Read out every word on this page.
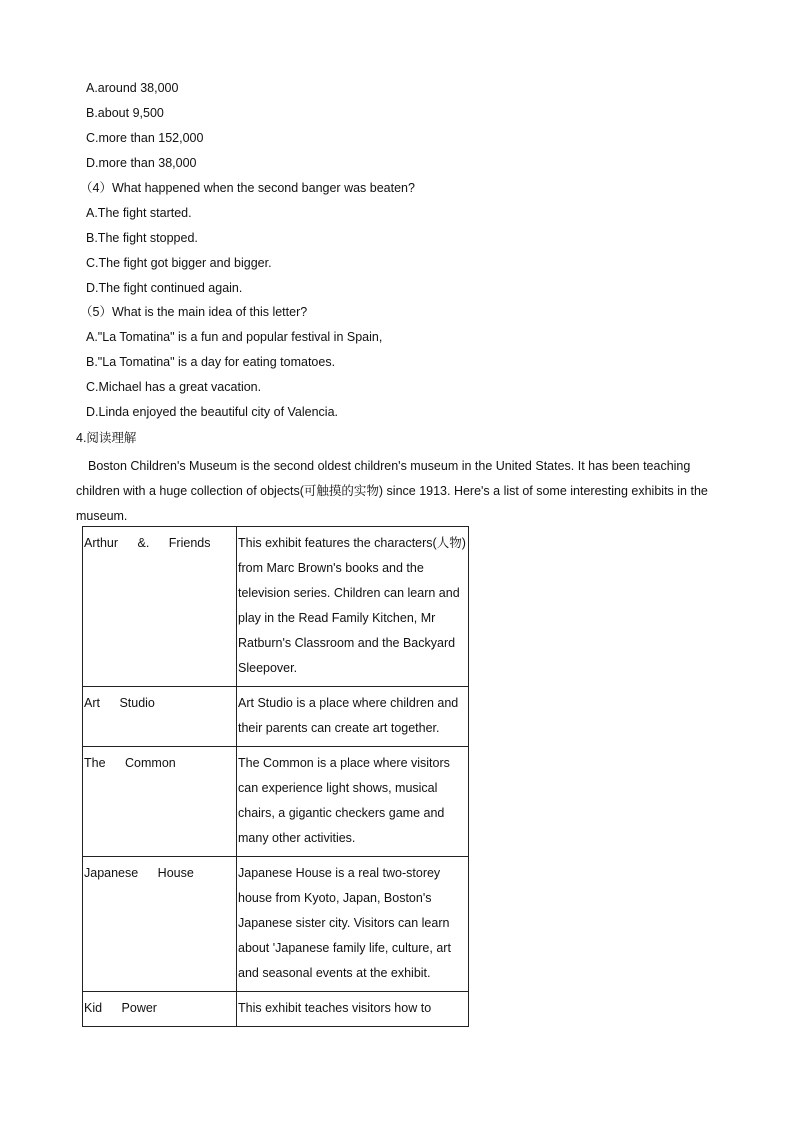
A.around 38,000
B.about 9,500
C.more than 152,000
D.more than 38,000
（4）What happened when the second banger was beaten?
A.The fight started.
B.The fight stopped.
C.The fight got bigger and bigger.
D.The fight continued again.
（5）What is the main idea of this letter?
A."La Tomatina" is a fun and popular festival in Spain,
B."La Tomatina" is a day for eating tomatoes.
C.Michael has a great vacation.
D.Linda enjoyed the beautiful city of Valencia.
4.阅读理解
Boston Children's Museum is the second oldest children's museum in the United States. It has been teaching children with a huge collection of objects(可触摸的实物) since 1913. Here's a list of some interesting exhibits in the museum.
Arthur &. Friends	This exhibit features the characters(人物) from Marc Brown's books and the television series. Children can learn and play in the Read Family Kitchen, Mr Ratburn's Classroom and the Backyard Sleepover.
Art Studio	Art Studio is a place where children and their parents can create art together.
The Common	The Common is a place where visitors can experience light shows, musical chairs, a gigantic checkers game and many other activities.
Japanese House	Japanese House is a real two-storey house from Kyoto, Japan, Boston's Japanese sister city. Visitors can learn about 'Japanese family life, culture, art and seasonal events at the exhibit.
Kid Power	This exhibit teaches visitors how to
